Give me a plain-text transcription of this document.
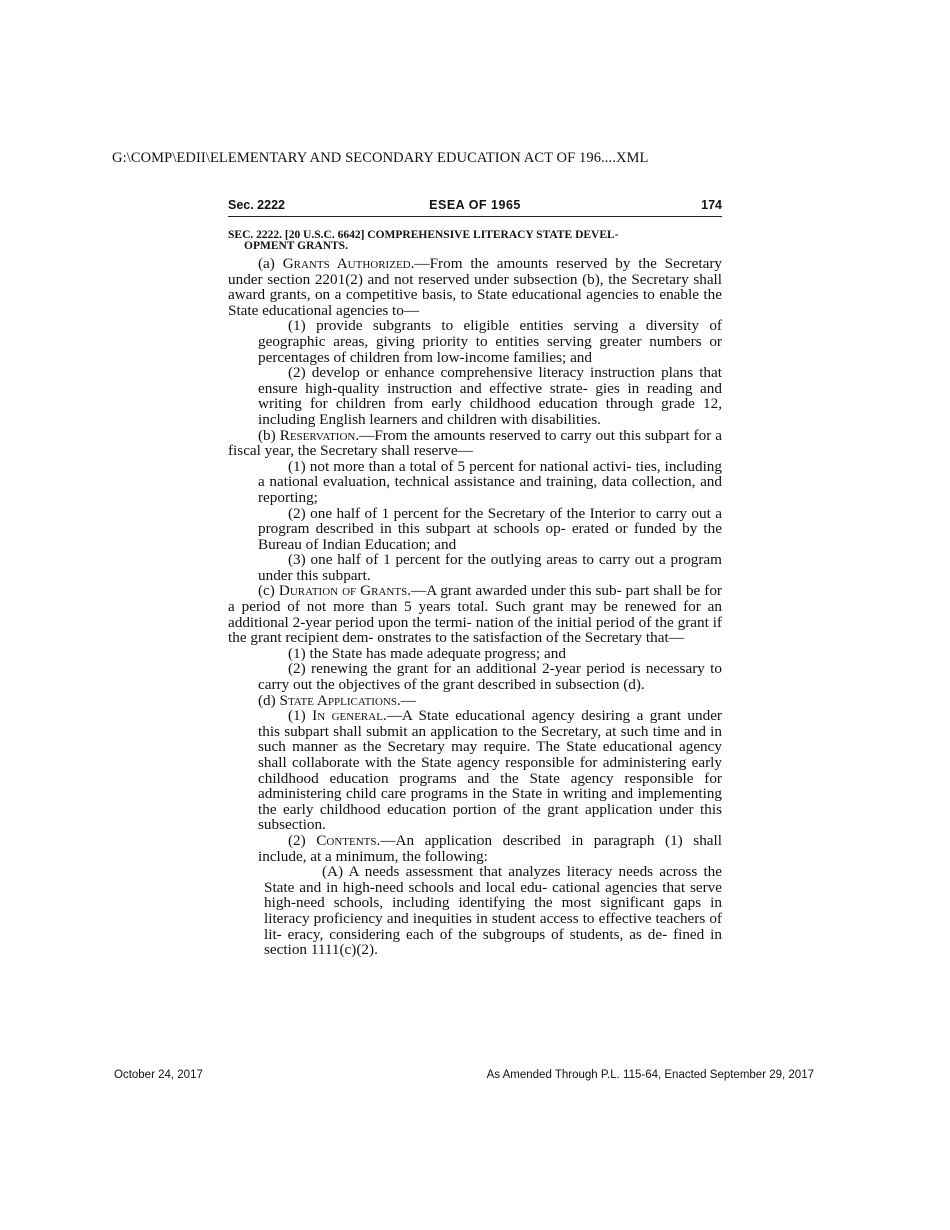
G:\COMP\EDII\ELEMENTARY AND SECONDARY EDUCATION ACT OF 196....XML
ESEA OF 1965
Sec. 2222	174
SEC. 2222. [20 U.S.C. 6642] COMPREHENSIVE LITERACY STATE DEVEL-
OPMENT GRANTS.

(a) Grants Authorized.—From the amounts reserved by the Secretary under section 2201(2) and not reserved under subsection (b), the Secretary shall award grants, on a competitive basis, to State educational agencies to enable the State educational agencies to—

(1) provide subgrants to eligible entities serving a diversity of geographic areas, giving priority to entities serving greater numbers or percentages of children from low-income families; and

(2) develop or enhance comprehensive literacy instruction plans that ensure high-quality instruction and effective strate- gies in reading and writing for children from early childhood education through grade 12, including English learners and children with disabilities.

(b) Reservation.—From the amounts reserved to carry out this subpart for a fiscal year, the Secretary shall reserve—

(1) not more than a total of 5 percent for national activi- ties, including a national evaluation, technical assistance and training, data collection, and reporting;

(2) one half of 1 percent for the Secretary of the Interior to carry out a program described in this subpart at schools op- erated or funded by the Bureau of Indian Education; and

(3) one half of 1 percent for the outlying areas to carry out a program under this subpart.

(c) Duration of Grants.—A grant awarded under this sub- part shall be for a period of not more than 5 years total. Such grant may be renewed for an additional 2-year period upon the termi- nation of the initial period of the grant if the grant recipient dem- onstrates to the satisfaction of the Secretary that—

(1) the State has made adequate progress; and

(2) renewing the grant for an additional 2-year period is necessary to carry out the objectives of the grant described in subsection (d).

(d) State Applications.—

(1) In general.—A State educational agency desiring a grant under this subpart shall submit an application to the Secretary, at such time and in such manner as the Secretary may require. The State educational agency shall collaborate with the State agency responsible for administering early childhood education programs and the State agency responsible for administering child care programs in the State in writing and implementing the early childhood education portion of the grant application under this subsection.

(2) Contents.—An application described in paragraph (1) shall include, at a minimum, the following:

(A) A needs assessment that analyzes literacy needs across the State and in high-need schools and local edu- cational agencies that serve high-need schools, including identifying the most significant gaps in literacy proficiency and inequities in student access to effective teachers of lit- eracy, considering each of the subgroups of students, as de- fined in section 1111(c)(2).

October 24, 2017	As Amended Through P.L. 115-64, Enacted September 29, 2017
